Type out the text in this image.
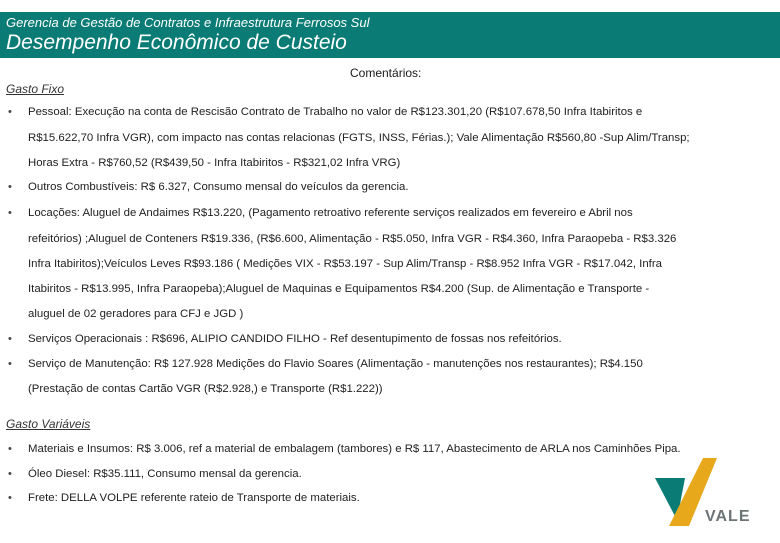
Gerencia de Gestão de Contratos e Infraestrutura Ferrosos Sul
Desempenho Econômico de Custeio
Comentários:
Gasto Fixo
• Pessoal: Execução na conta de Rescisão Contrato de Trabalho no valor de R$123.301,20 (R$107.678,50 Infra Itabiritos e
R$15.622,70 Infra VGR), com impacto nas contas relacionas (FGTS, INSS, Férias.); Vale Alimentação R$560,80 -Sup Alim/Transp;
Horas Extra - R$760,52 (R$439,50 - Infra Itabiritos - R$321,02 Infra VRG)
• Outros Combustíveis: R$ 6.327, Consumo mensal do veículos da gerencia.
• Locações: Aluguel de Andaimes R$13.220, (Pagamento retroativo referente serviços realizados em fevereiro e Abril nos
refeitórios) ;Aluguel de Conteners R$19.336, (R$6.600, Alimentação - R$5.050, Infra VGR - R$4.360, Infra Paraopeba - R$3.326
Infra Itabiritos);Veículos Leves R$93.186 ( Medições VIX - R$53.197 - Sup Alim/Transp - R$8.952 Infra VGR - R$17.042, Infra
Itabiritos - R$13.995, Infra Paraopeba);Aluguel de Maquinas e Equipamentos R$4.200 (Sup. de Alimentação e Transporte -
aluguel de 02 geradores para CFJ e JGD )
• Serviços Operacionais : R$696, ALIPIO CANDIDO FILHO - Ref desentupimento de fossas nos refeitórios.
• Serviço de Manutenção: R$ 127.928 Medições do Flavio Soares (Alimentação - manutenções nos restaurantes); R$4.150
(Prestação de contas Cartão VGR (R$2.928,) e Transporte (R$1.222))
Gasto Variáveis
• Materiais e Insumos: R$ 3.006, ref a material de embalagem (tambores) e R$ 117, Abastecimento de ARLA nos Caminhões Pipa.
• Óleo Diesel: R$35.111, Consumo mensal da gerencia.
• Frete: DELLA VOLPE referente rateio de Transporte de materiais.
VALE
